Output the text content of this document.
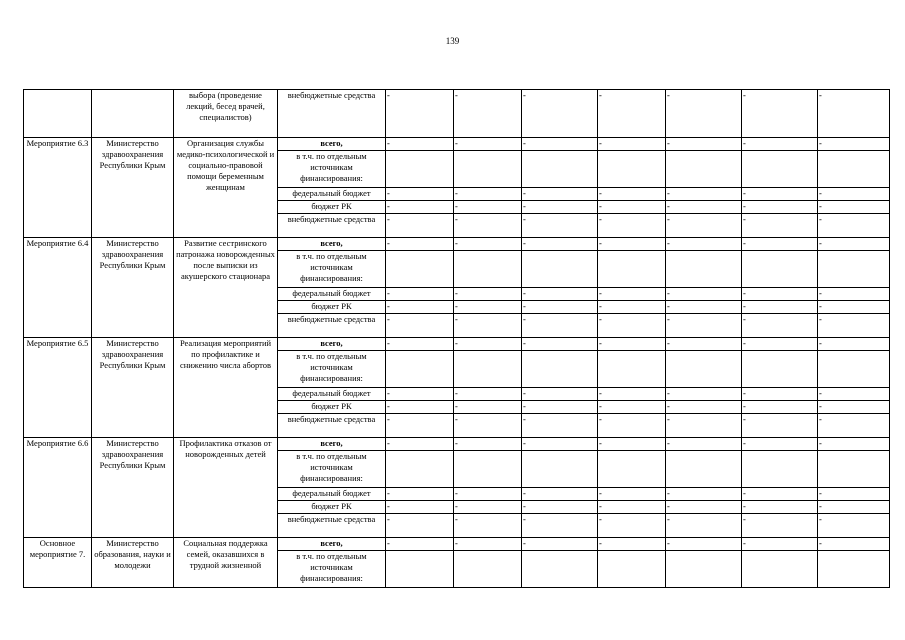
139
		выбора (проведение лекций, бесед врачей, специалистов)	внебюджетные средства	-	-	-	-	-	-	-
Мероприятие 6.3	Министерство здравоохранения Республики Крым	Организация службы медико-психологической и социально-правовой помощи беременным женщинам	всего,	-	-	-	-	-	-	-
			в т.ч. по отдельным источникам финансирования:							
			федеральный бюджет	-	-	-	-	-	-	-
			бюджет РК	-	-	-	-	-	-	-
			внебюджетные средства	-	-	-	-	-	-	-
Мероприятие 6.4	Министерство здравоохранения Республики Крым	Развитие сестринского патронажа новорожденных после выписки из акушерского стационара	всего,	-	-	-	-	-	-	-
			в т.ч. по отдельным источникам финансирования:							
			федеральный бюджет	-	-	-	-	-	-	-
			бюджет РК	-	-	-	-	-	-	-
			внебюджетные средства	-	-	-	-	-	-	-
Мероприятие 6.5	Министерство здравоохранения Республики Крым	Реализация мероприятий по профилактике и снижению числа абортов	всего,	-	-	-	-	-	-	-
			в т.ч. по отдельным источникам финансирования:							
			федеральный бюджет	-	-	-	-	-	-	-
			бюджет РК	-	-	-	-	-	-	-
			внебюджетные средства	-	-	-	-	-	-	-
Мероприятие 6.6	Министерство здравоохранения Республики Крым	Профилактика отказов от новорожденных детей	всего,	-	-	-	-	-	-	-
			в т.ч. по отдельным источникам финансирования:							
			федеральный бюджет	-	-	-	-	-	-	-
			бюджет РК	-	-	-	-	-	-	-
			внебюджетные средства	-	-	-	-	-	-	-
Основное мероприятие 7.	Министерство образования, науки и молодежи	Социальная поддержка семей, оказавшихся в трудной жизненной	всего,	-	-	-	-	-	-	-
			в т.ч. по отдельным источникам финансирования:							
